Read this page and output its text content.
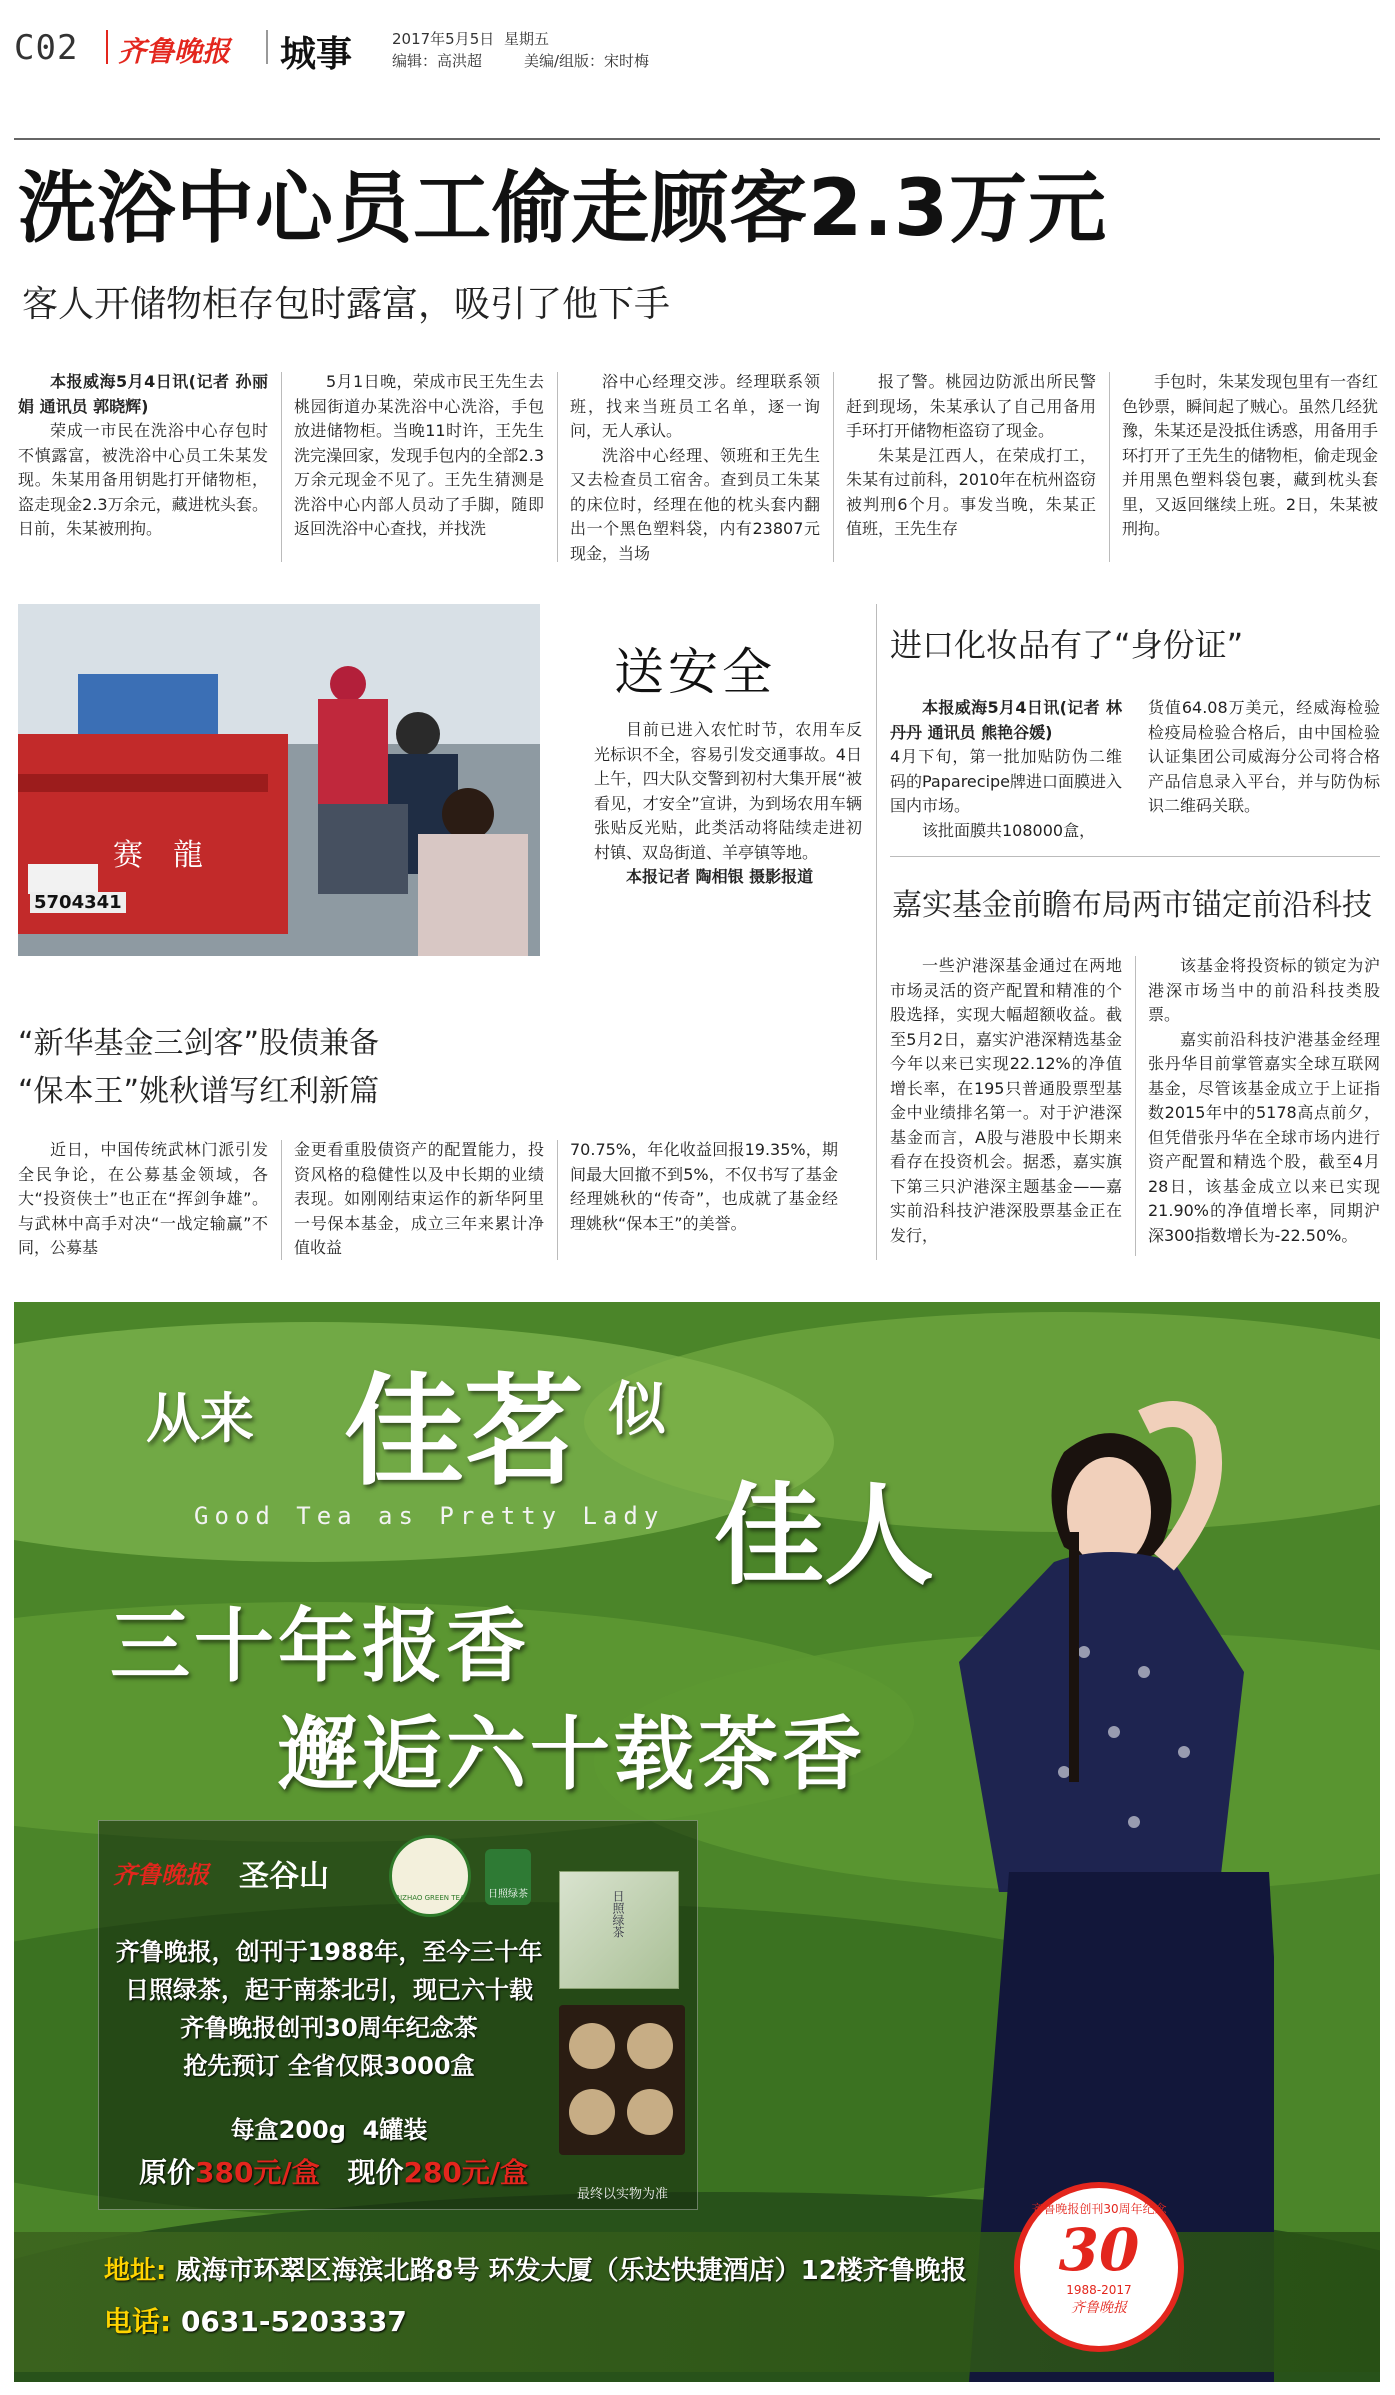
C02 齐鲁晚报 城事	2017年5月5日 星期五
编辑：高洪超	美编/组版：宋时梅
洗浴中心员工偷走顾客2.3万元
客人开储物柜存包时露富，吸引了他下手

本报威海5月4日讯(记者 孙丽娟 通讯员 郭晓辉)

荣成一市民在洗浴中心存包时不慎露富，被洗浴中心员工朱某发现。朱某用备用钥匙打开储物柜，盗走现金2.3万余元，藏进枕头套。日前，朱某被刑拘。

5月1日晚，荣成市民王先生去桃园街道办某洗浴中心洗浴，手包放进储物柜。当晚11时许，王先生洗完澡回家，发现手包内的全部2.3万余元现金不见了。王先生猜测是洗浴中心内部人员动了手脚，随即返回洗浴中心查找，并找洗

浴中心经理交涉。经理联系领班，找来当班员工名单，逐一询问，无人承认。

洗浴中心经理、领班和王先生又去检查员工宿舍。查到员工朱某的床位时，经理在他的枕头套内翻出一个黑色塑料袋，内有23807元现金，当场

报了警。桃园边防派出所民警赶到现场，朱某承认了自己用备用手环打开储物柜盗窃了现金。

朱某是江西人，在荣成打工，朱某有过前科，2010年在杭州盗窃被判刑6个月。事发当晚，朱某正值班，王先生存

手包时，朱某发现包里有一沓红色钞票，瞬间起了贼心。虽然几经犹豫，朱某还是没抵住诱惑，用备用手环打开了王先生的储物柜，偷走现金并用黑色塑料袋包裹，藏到枕头套里，又返回继续上班。2日，朱某被刑拘。

赛龍
5704341
送安全

目前已进入农忙时节，农用车反光标识不全，容易引发交通事故。4日上午，四大队交警到初村大集开展“被看见，才安全”宣讲，为到场农用车辆张贴反光贴，此类活动将陆续走进初村镇、双岛街道、羊亭镇等地。

本报记者 陶相银 摄影报道

进口化妆品有了“身份证”

本报威海5月4日讯(记者 林丹丹 通讯员 熊艳谷媛)

4月下旬，第一批加贴防伪二维码的Paparecipe牌进口面膜进入国内市场。

该批面膜共108000盒，

货值64.08万美元，经威海检验检疫局检验合格后，由中国检验认证集团公司威海分公司将合格产品信息录入平台，并与防伪标识二维码关联。

嘉实基金前瞻布局两市锚定前沿科技

一些沪港深基金通过在两地市场灵活的资产配置和精准的个股选择，实现大幅超额收益。截至5月2日，嘉实沪港深精选基金今年以来已实现22.12%的净值增长率，在195只普通股票型基金中业绩排名第一。对于沪港深基金而言，A股与港股中长期来看存在投资机会。据悉，嘉实旗下第三只沪港深主题基金——嘉实前沿科技沪港深股票基金正在发行，

该基金将投资标的锁定为沪港深市场当中的前沿科技类股票。

嘉实前沿科技沪港基金经理张丹华目前掌管嘉实全球互联网基金，尽管该基金成立于上证指数2015年中的5178高点前夕，但凭借张丹华在全球市场内进行资产配置和精选个股，截至4月28日，该基金成立以来已实现21.90%的净值增长率，同期沪深300指数增长为-22.50%。

“新华基金三剑客”股债兼备
“保本王”姚秋谱写红利新篇

近日，中国传统武林门派引发全民争论，在公募基金领域，各大“投资侠士”也正在“挥剑争雄”。与武林中高手对决“一战定输赢”不同，公募基

金更看重股债资产的配置能力，投资风格的稳健性以及中长期的业绩表现。如刚刚结束运作的新华阿里一号保本基金，成立三年来累计净值收益

70.75%，年化收益回报19.35%，期间最大回撤不到5%，不仅书写了基金经理姚秋的“传奇”，也成就了基金经理姚秋“保本王”的美誉。

从来 佳茗 似
佳人
Good Tea as Pretty Lady
三十年报香
邂逅六十载茶香
齐鲁晚报 圣谷山
RIZHAO GREEN TEA	日照绿茶
齐鲁晚报，创刊于1988年，至今三十年
日照绿茶，起于南茶北引，现已六十载
齐鲁晚报创刊30周年纪念茶
抢先预订 全省仅限3000盒
每盒200g  4罐装
原价380元/盒 现价280元/盒
日照绿茶
最终以实物为准
地址: 威海市环翠区海滨北路8号 环发大厦（乐达快捷酒店）12楼齐鲁晚报
电话: 0631-5203337
齐鲁晚报创刊30周年纪念
30
1988-2017
齐鲁晚报
